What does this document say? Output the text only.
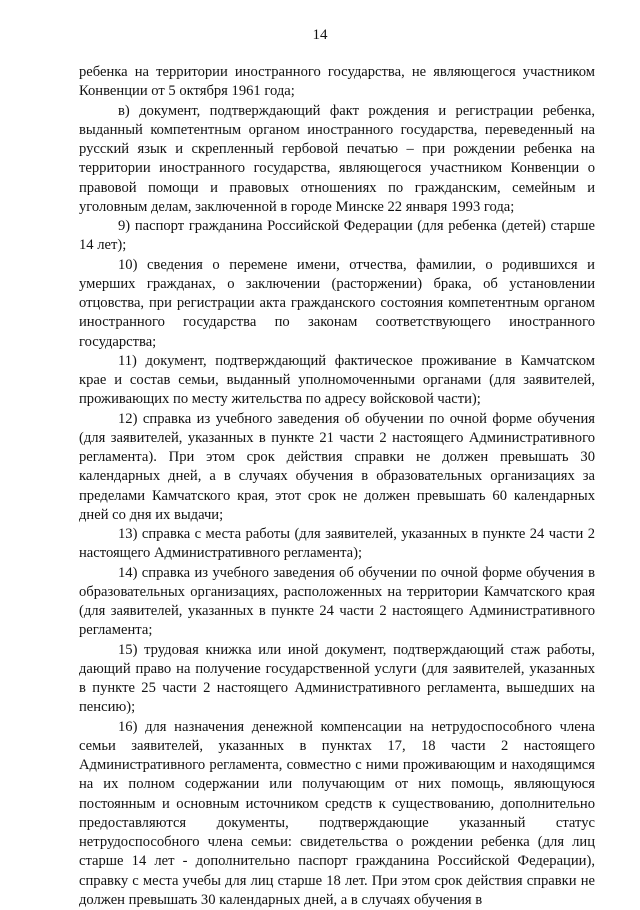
14

ребенка на территории иностранного государства, не являющегося участником Конвенции от 5 октября 1961 года;

в) документ, подтверждающий факт рождения и регистрации ребенка, выданный компетентным органом иностранного государства, переведенный на русский язык и скрепленный гербовой печатью – при рождении ребенка на территории иностранного государства, являющегося участником Конвенции о правовой помощи и правовых отношениях по гражданским, семейным и уголовным делам, заключенной в городе Минске 22 января 1993 года;

9) паспорт гражданина Российской Федерации (для ребенка (детей) старше 14 лет);

10) сведения о перемене имени, отчества, фамилии, о родившихся и умерших гражданах, о заключении (расторжении) брака, об установлении отцовства, при регистрации акта гражданского состояния компетентным органом иностранного государства по законам соответствующего иностранного государства;

11) документ, подтверждающий фактическое проживание в Камчатском крае и состав семьи, выданный уполномоченными органами (для заявителей, проживающих по месту жительства по адресу войсковой части);

12) справка из учебного заведения об обучении по очной форме обучения (для заявителей, указанных в пункте 21 части 2 настоящего Административного регламента). При этом срок действия справки не должен превышать 30 календарных дней, а в случаях обучения в образовательных организациях за пределами Камчатского края, этот срок не должен превышать 60 календарных дней со дня их выдачи;

13) справка с места работы (для заявителей, указанных в пункте 24 части 2 настоящего Административного регламента);

14) справка из учебного заведения об обучении по очной форме обучения в образовательных организациях, расположенных на территории Камчатского края (для заявителей, указанных в пункте 24 части 2 настоящего Административного регламента;

15) трудовая книжка или иной документ, подтверждающий стаж работы, дающий право на получение государственной услуги (для заявителей, указанных в пункте 25 части 2 настоящего Административного регламента, вышедших на пенсию);

16) для назначения денежной компенсации на нетрудоспособного члена семьи заявителей, указанных в пунктах 17, 18 части 2 настоящего Административного регламента, совместно с ними проживающим и находящимся на их полном содержании или получающим от них помощь, являющуюся постоянным и основным источником средств к существованию, дополнительно предоставляются документы, подтверждающие указанный статус нетрудоспособного члена семьи: свидетельства о рождении ребенка (для лиц старше 14 лет - дополнительно паспорт гражданина Российской Федерации), справку с места учебы для лиц старше 18 лет. При этом срок действия справки не должен превышать 30 календарных дней, а в случаях обучения в
